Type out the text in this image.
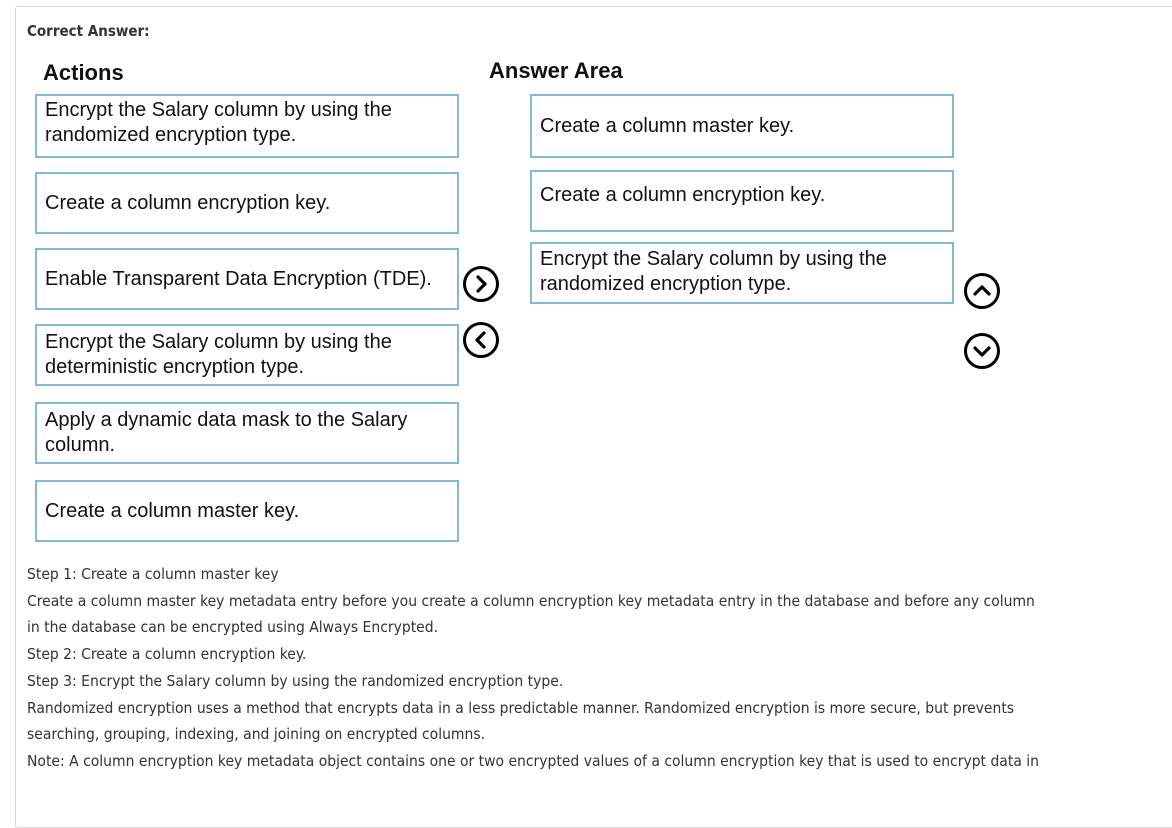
Correct Answer:
Actions	Answer Area
Encrypt the Salary column by using the randomized encryption type.
Create a column encryption key.
Enable Transparent Data Encryption (TDE).
Encrypt the Salary column by using the deterministic encryption type.
Apply a dynamic data mask to the Salary column.
Create a column master key.
Create a column master key.
Create a column encryption key.
Encrypt the Salary column by using the randomized encryption type.

Step 1: Create a column master key

Create a column master key metadata entry before you create a column encryption key metadata entry in the database and before any column

in the database can be encrypted using Always Encrypted.

Step 2: Create a column encryption key.

Step 3: Encrypt the Salary column by using the randomized encryption type.

Randomized encryption uses a method that encrypts data in a less predictable manner. Randomized encryption is more secure, but prevents

searching, grouping, indexing, and joining on encrypted columns.

Note: A column encryption key metadata object contains one or two encrypted values of a column encryption key that is used to encrypt data in
